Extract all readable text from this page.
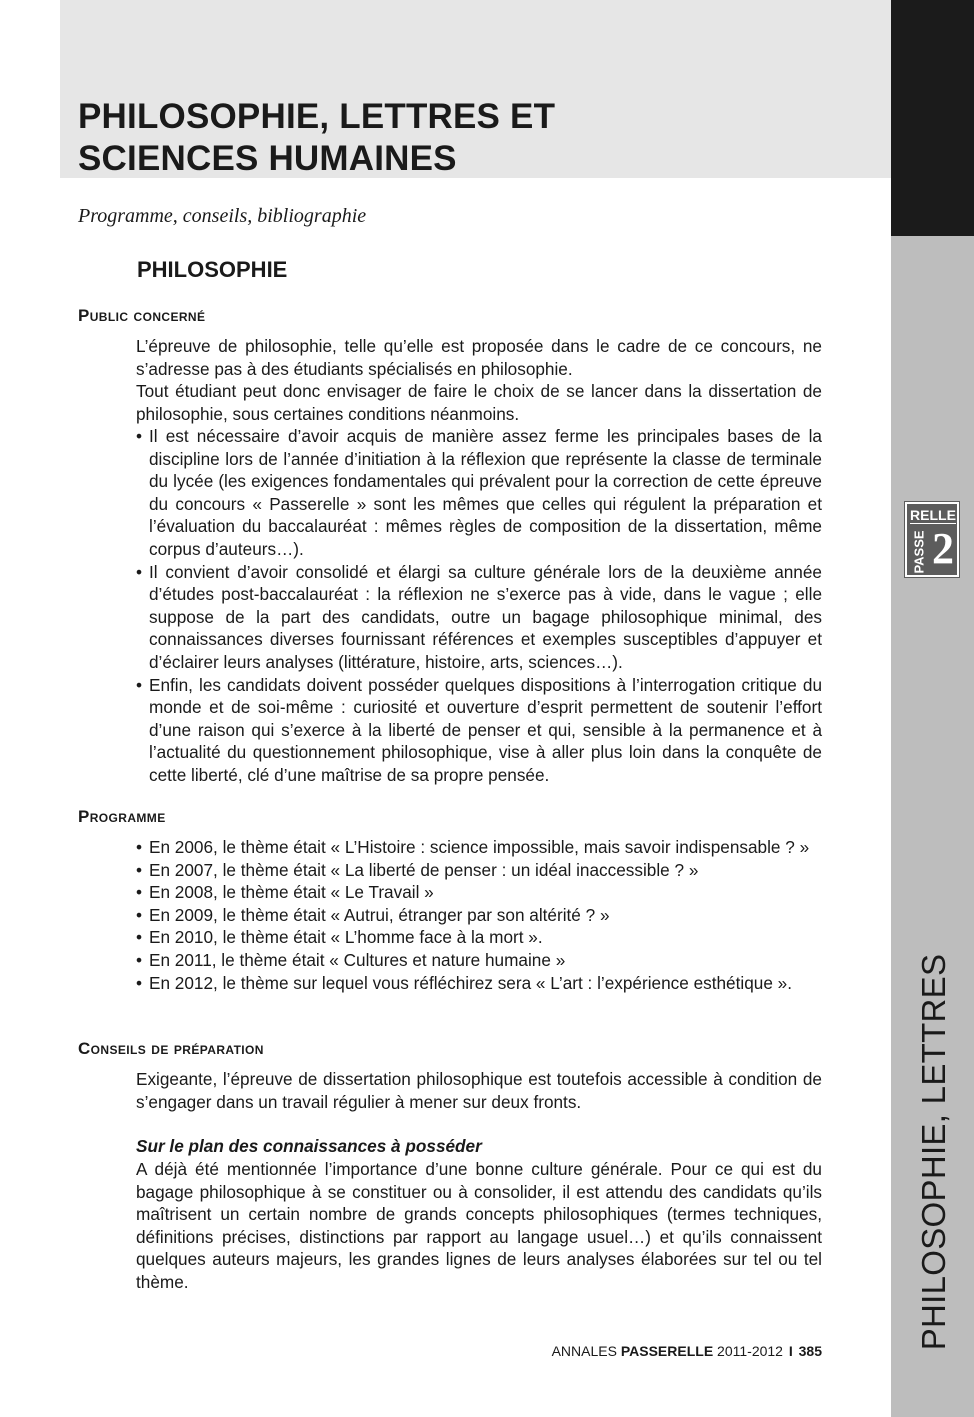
PHILOSOPHIE, LETTRES ET
SCIENCES HUMAINES
Programme, conseils, bibliographie
PHILOSOPHIE
Sujet
PHILOSOPHIE, LETTRES
RELLE
PASSE 2
Public concerné

L’épreuve de philosophie, telle qu’elle est proposée dans le cadre de ce concours, ne s’adresse pas à des étudiants spécialisés en philosophie.

Tout étudiant peut donc envisager de faire le choix de se lancer dans la dissertation de philosophie, sous certaines conditions néanmoins.

• Il est nécessaire d’avoir acquis de manière assez ferme les principales bases de la discipline lors de l’année d’initiation à la réflexion que représente la classe de terminale du lycée (les exigences fondamentales qui prévalent pour la correction de cette épreuve du concours « Passerelle » sont les mêmes que celles qui régulent la préparation et l’évaluation du baccalauréat : mêmes règles de composition de la dissertation, même corpus d’auteurs…).
• Il convient d’avoir consolidé et élargi sa culture générale lors de la deuxième année d’études post-baccalauréat : la réflexion ne s’exerce pas à vide, dans le vague ; elle suppose de la part des candidats, outre un bagage philosophique minimal, des connaissances diverses fournissant références et exemples susceptibles d’appuyer et d’éclairer leurs analyses (littérature, histoire, arts, sciences…).
• Enfin, les candidats doivent posséder quelques dispositions à l’interrogation critique du monde et de soi-même : curiosité et ouverture d’esprit permettent de soutenir l’effort d’une raison qui s’exerce à la liberté de penser et qui, sensible à la permanence et à l’actualité du questionnement philosophique, vise à aller plus loin dans la conquête de cette liberté, clé d’une maîtrise de sa propre pensée.
Programme
• En 2006, le thème était « L’Histoire : science impossible, mais savoir indispensable ? »
• En 2007, le thème était « La liberté de penser : un idéal inaccessible ? »
• En 2008, le thème était « Le Travail »
• En 2009, le thème était « Autrui, étranger par son altérité ? »
• En 2010, le thème était « L’homme face à la mort ».
• En 2011, le thème était « Cultures et nature humaine »
• En 2012, le thème sur lequel vous réfléchirez sera « L’art : l’expérience esthétique ».
Conseils de préparation

Exigeante, l’épreuve de dissertation philosophique est toutefois accessible à condition de s’engager dans un travail régulier à mener sur deux fronts.

Sur le plan des connaissances à posséder

A déjà été mentionnée l’importance d’une bonne culture générale. Pour ce qui est du bagage philosophique à se constituer ou à consolider, il est attendu des candidats qu’ils maîtrisent un certain nombre de grands concepts philosophiques (termes techniques, définitions précises, distinctions par rapport au langage usuel…) et qu’ils connaissent quelques auteurs majeurs, les grandes lignes de leurs analyses élaborées sur tel ou tel thème.

ANNALES PASSERELLE 2011-2012 I 385
